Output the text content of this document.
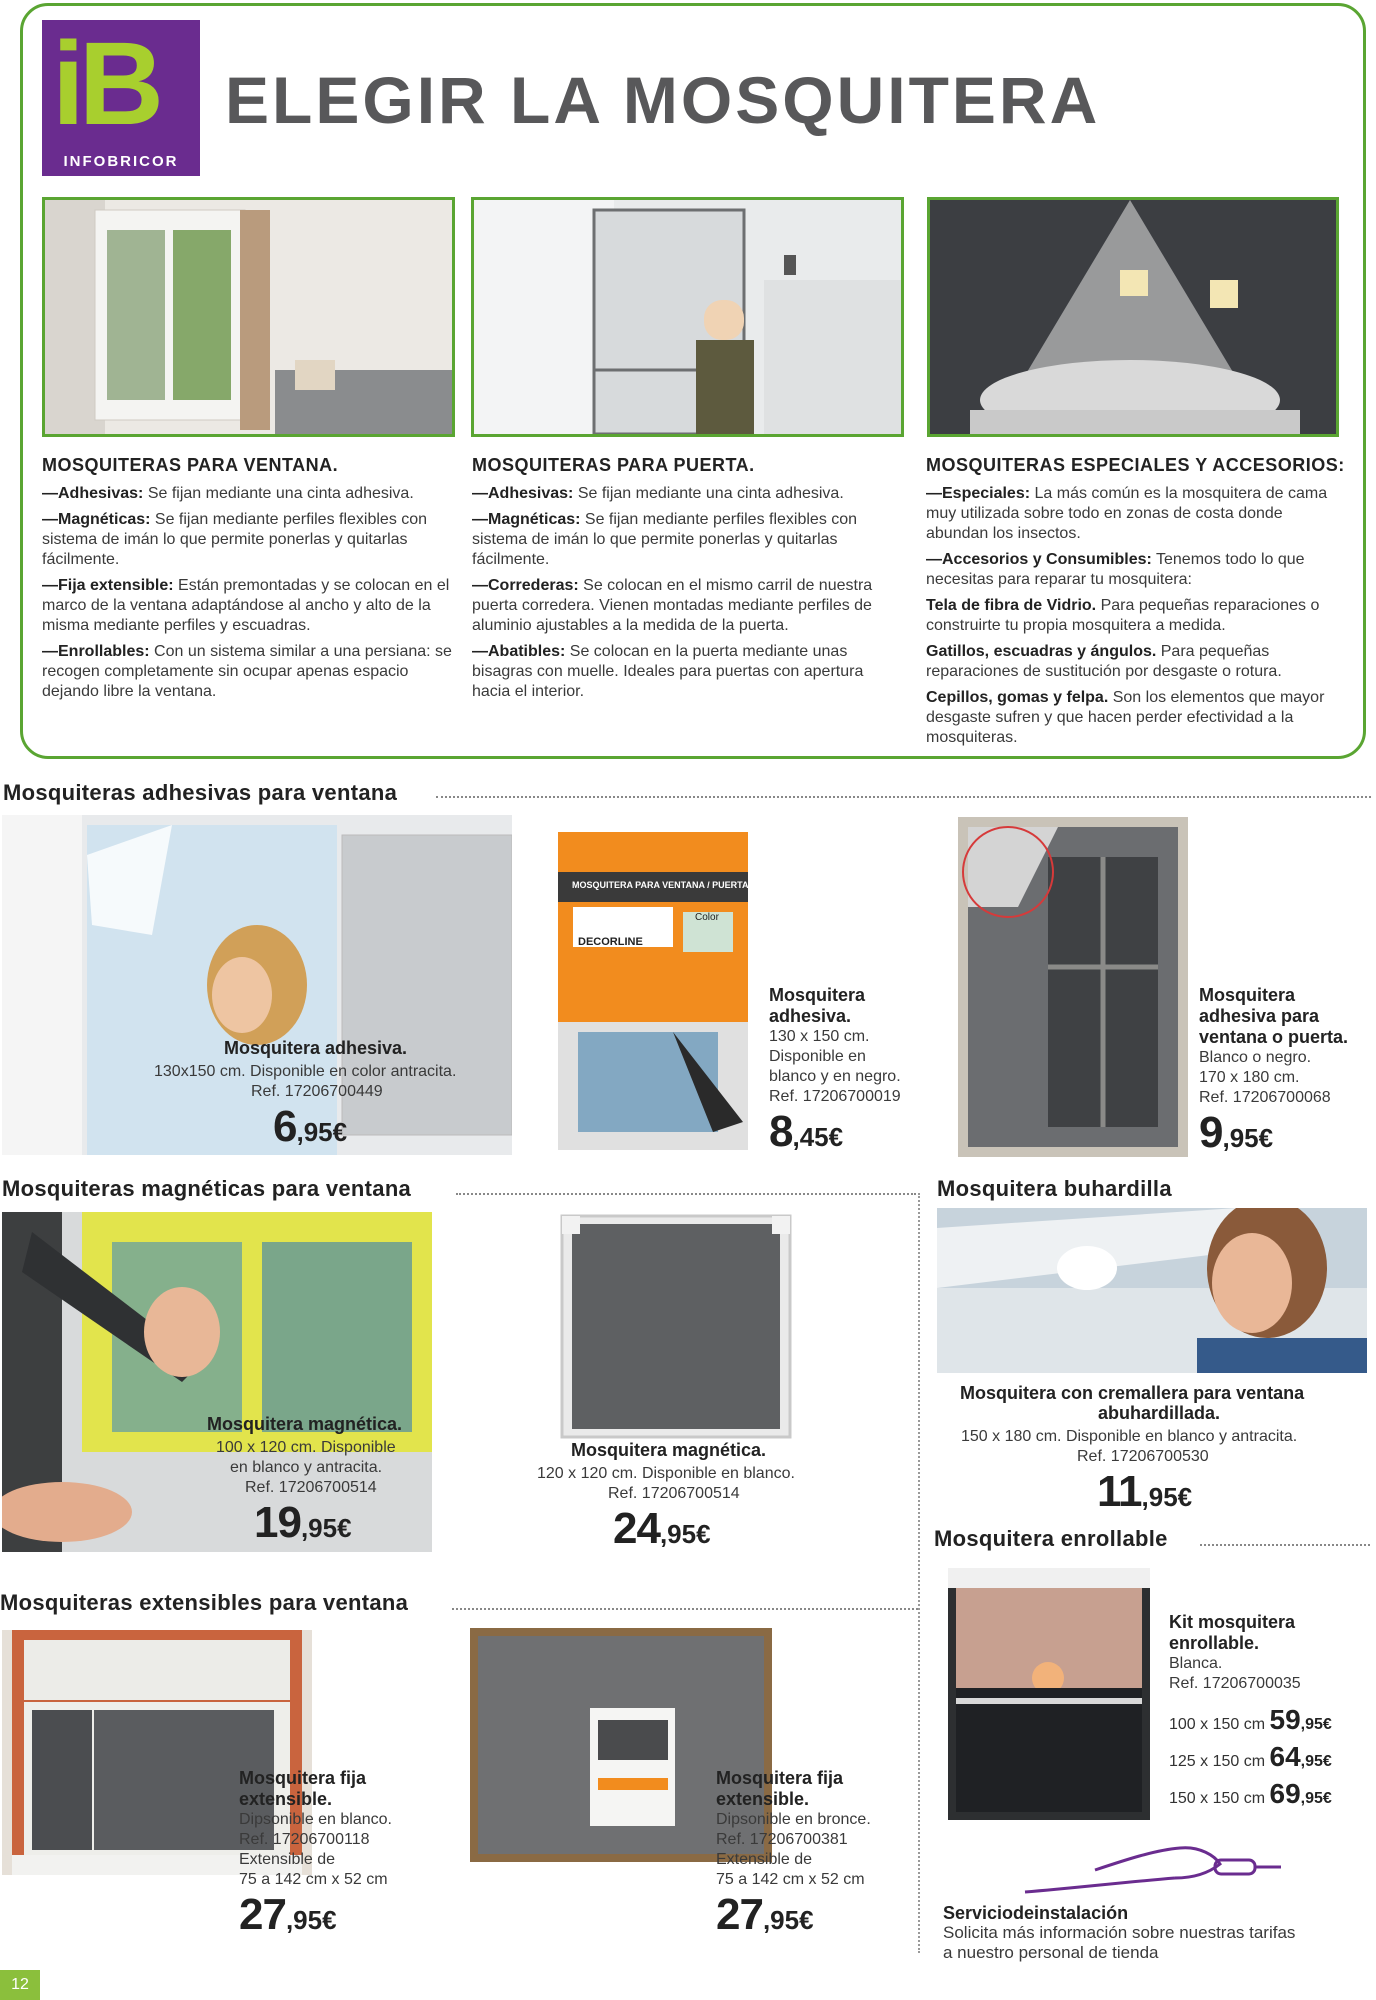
iB
INFOBRICOR
ELEGIR LA MOSQUITERA
MOSQUITERAS PARA VENTANA.

—Adhesivas: Se fijan mediante una cinta adhesiva.

—Magnéticas: Se fijan mediante perfiles flexibles con sistema de imán lo que permite ponerlas y quitarlas fácilmente.

—Fija extensible: Están premontadas y se colocan en el marco de la ventana adaptándose al ancho y alto de la misma mediante perfiles y escuadras.

—Enrollables: Con un sistema similar a una persiana: se recogen completamente sin ocupar apenas espacio dejando libre la ventana.

MOSQUITERAS PARA PUERTA.

—Adhesivas: Se fijan mediante una cinta adhesiva.

—Magnéticas: Se fijan mediante perfiles flexibles con sistema de imán lo que permite ponerlas y quitarlas fácilmente.

—Correderas: Se colocan en el mismo carril de nuestra puerta corredera. Vienen montadas mediante perfiles de aluminio ajustables a la medida de la puerta.

—Abatibles: Se colocan en la puerta mediante unas bisagras con muelle. Ideales para puertas con apertura hacia el interior.

MOSQUITERAS ESPECIALES Y ACCESORIOS:

—Especiales: La más común es la mosquitera de cama muy utilizada sobre todo en zonas de costa donde abundan los insectos.

—Accesorios y Consumibles: Tenemos todo lo que necesitas para reparar tu mosquitera:

Tela de fibra de Vidrio. Para pequeñas reparaciones o construirte tu propia mosquitera a medida.

Gatillos, escuadras y ángulos. Para pequeñas reparaciones de sustitución por desgaste o rotura.

Cepillos, gomas y felpa. Son los elementos que mayor desgaste sufren y que hacen perder efectividad a la mosquiteras.

Mosquiteras adhesivas para ventana
Mosquitera adhesiva.
130x150 cm. Disponible en color antracita.
Ref. 17206700449
6,95€
MOSQUITERA PARA VENTANA / PUERTA
DECORLINE
Color
Mosquitera adhesiva.
130 x 150 cm.
Disponible en
blanco y en negro.
Ref. 17206700019
8,45€
Mosquitera
adhesiva para
ventana o puerta.
Blanco o negro.
170 x 180 cm.
Ref. 17206700068
9,95€
Mosquiteras magnéticas para ventana
Mosquitera magnética.
100 x 120 cm. Disponible
en blanco y antracita.
Ref. 17206700514
19,95€
Mosquitera magnética.
120 x 120 cm. Disponible en blanco.
Ref. 17206700514
24,95€
Mosquitera buhardilla
Mosquitera con cremallera para ventana
abuhardillada.
150 x 180 cm. Disponible en blanco y antracita.
Ref. 17206700530
11,95€
Mosquitera enrollable
Kit mosquitera
enrollable.
Blanca.
Ref. 17206700035
100 x 150 cm 59,95€
125 x 150 cm 64,95€
150 x 150 cm 69,95€
Serviciodeinstalación
Solicita más información sobre nuestras tarifas
a nuestro personal de tienda
Mosquiteras extensibles para ventana
Mosquitera fija
extensible.
Dipsonible en blanco.
Ref. 17206700118
Extensible de
75 a 142 cm x 52 cm
27,95€
Mosquitera fija
extensible.
Dipsonible en bronce.
Ref. 17206700381
Extensible de
75 a 142 cm x 52 cm
27,95€
12
